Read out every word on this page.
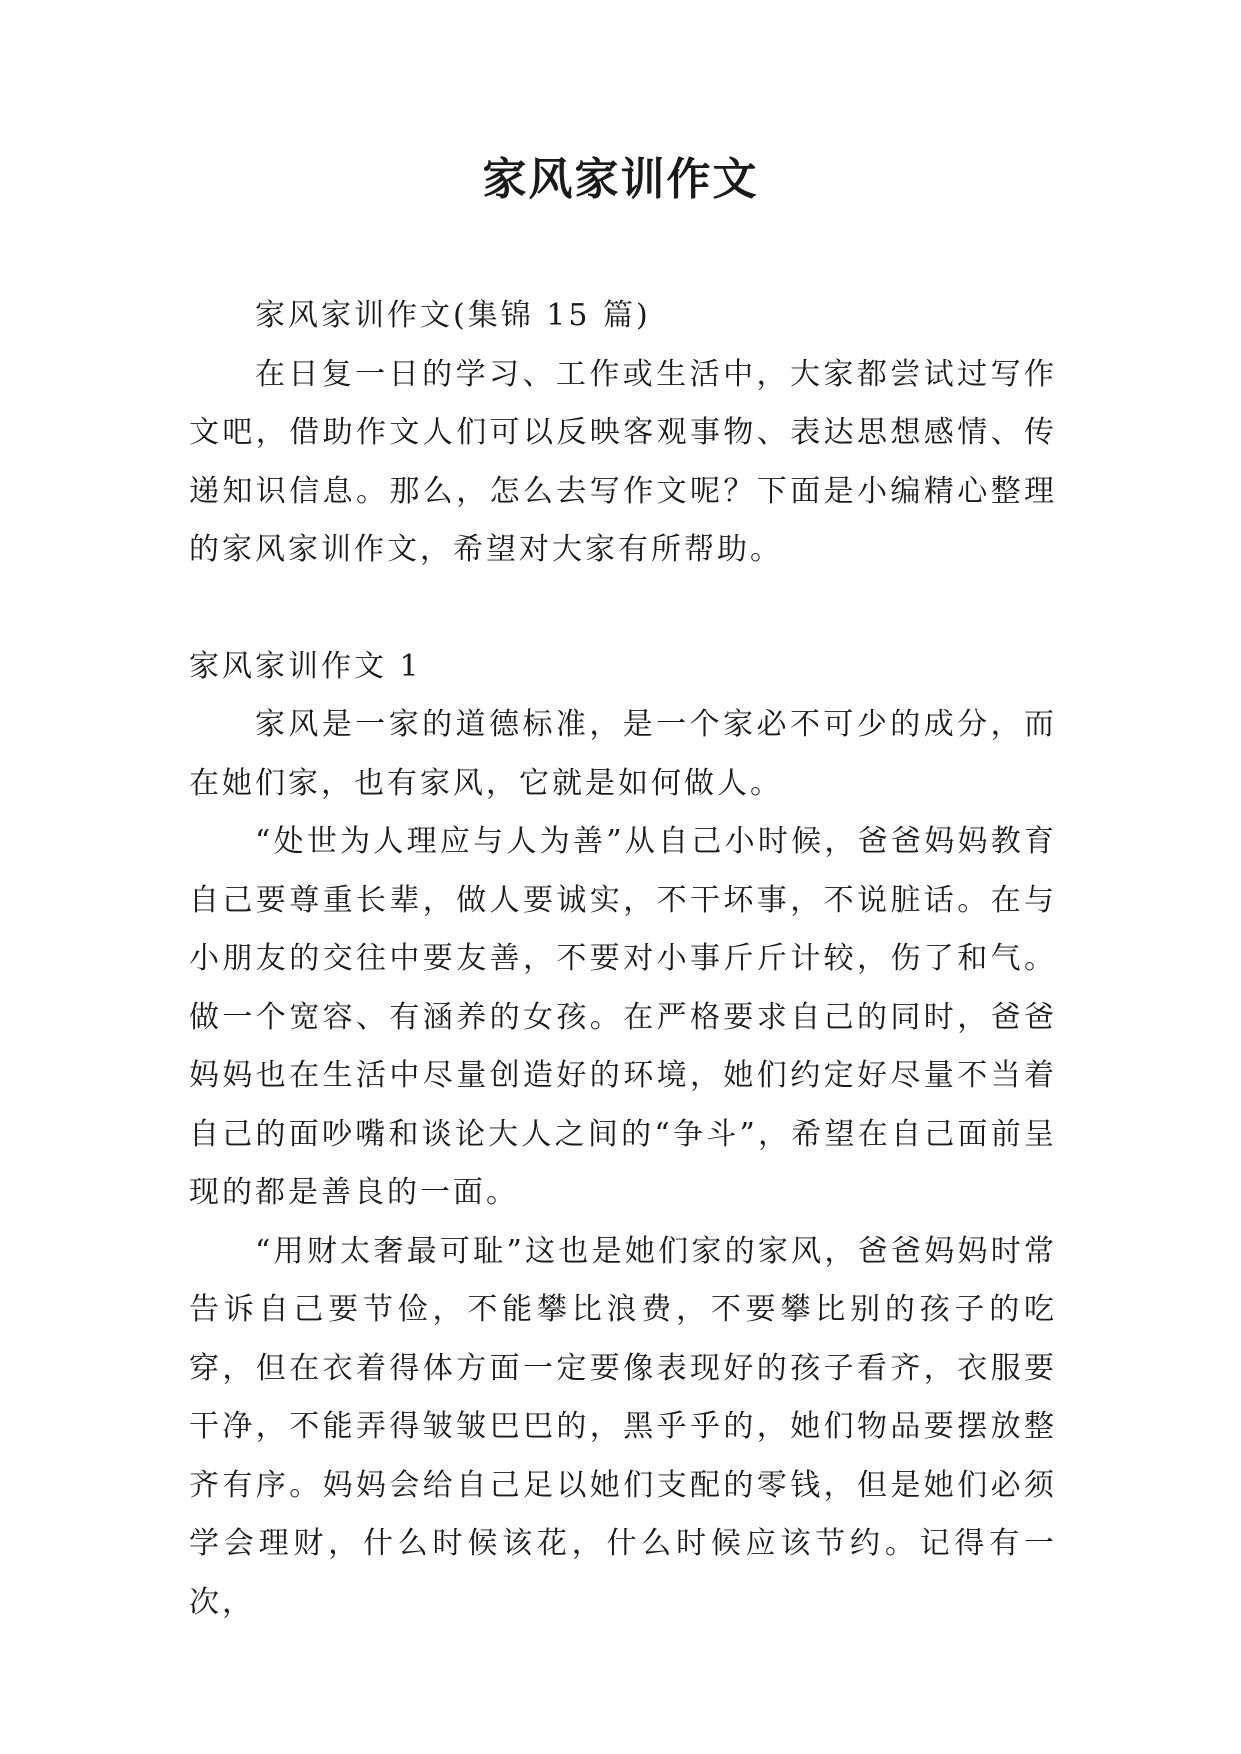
家风家训作文

家风家训作文(集锦 15 篇)

在日复一日的学习、工作或生活中，大家都尝试过写作文吧，借助作文人们可以反映客观事物、表达思想感情、传递知识信息。那么，怎么去写作文呢？下面是小编精心整理的家风家训作文，希望对大家有所帮助。

家风家训作文 1

家风是一家的道德标准，是一个家必不可少的成分，而在她们家，也有家风，它就是如何做人。

“处世为人理应与人为善”从自己小时候，爸爸妈妈教育自己要尊重长辈，做人要诚实，不干坏事，不说脏话。在与小朋友的交往中要友善，不要对小事斤斤计较，伤了和气。做一个宽容、有涵养的女孩。在严格要求自己的同时，爸爸妈妈也在生活中尽量创造好的环境，她们约定好尽量不当着自己的面吵嘴和谈论大人之间的“争斗”，希望在自己面前呈现的都是善良的一面。

“用财太奢最可耻”这也是她们家的家风，爸爸妈妈时常告诉自己要节俭，不能攀比浪费，不要攀比别的孩子的吃穿，但在衣着得体方面一定要像表现好的孩子看齐，衣服要干净，不能弄得皱皱巴巴的，黑乎乎的，她们物品要摆放整齐有序。妈妈会给自己足以她们支配的零钱，但是她们必须学会理财，什么时候该花，什么时候应该节约。记得有一次，
